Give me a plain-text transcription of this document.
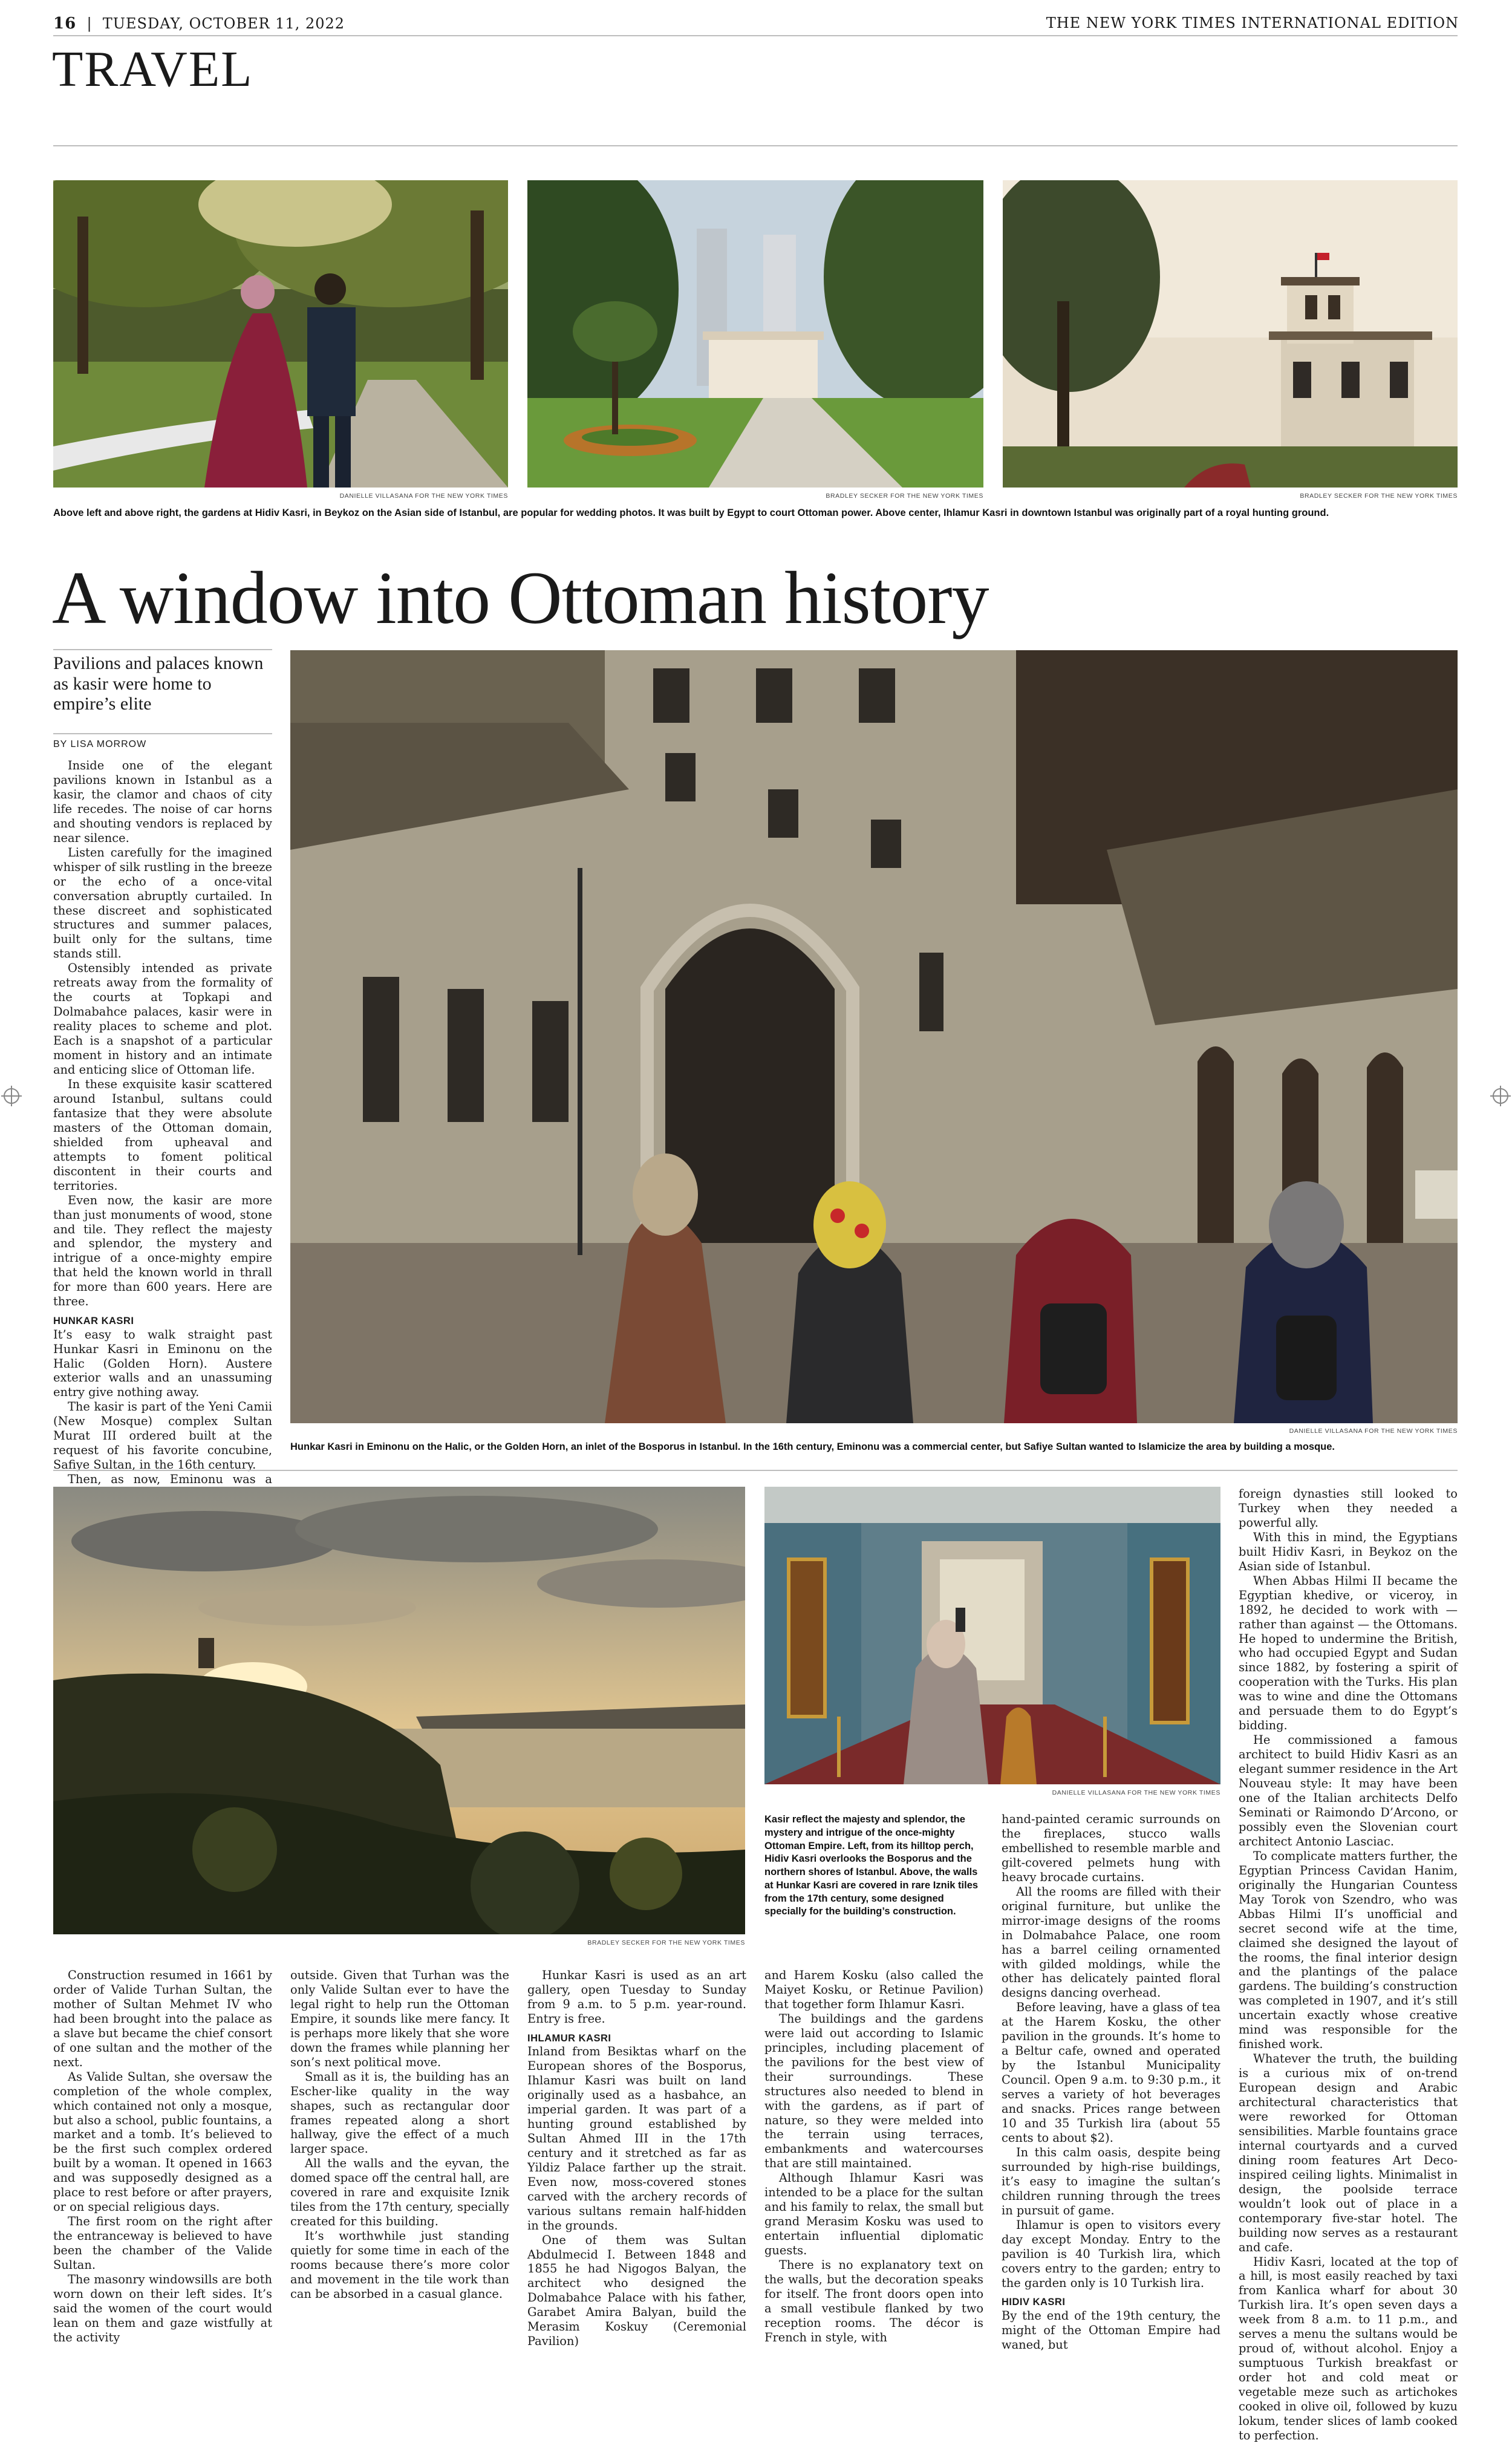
16  |  TUESDAY, OCTOBER 11, 2022	THE NEW YORK TIMES INTERNATIONAL EDITION
TRAVEL
DANIELLE VILLASANA FOR THE NEW YORK TIMES	BRADLEY SECKER FOR THE NEW YORK TIMES	BRADLEY SECKER FOR THE NEW YORK TIMES
Above left and above right, the gardens at Hidiv Kasri, in Beykoz on the Asian side of Istanbul, are popular for wedding photos. It was built by Egypt to court Ottoman power. Above center, Ihlamur Kasri in downtown Istanbul was originally part of a royal hunting ground.
A window into Ottoman history
Pavilions and palaces known as kasir were home to empire’s elite
BY LISA MORROW

Inside one of the elegant pavilions known in Istanbul as a kasir, the clamor and chaos of city life recedes. The noise of car horns and shouting vendors is replaced by near silence.

Listen carefully for the imagined whisper of silk rustling in the breeze or the echo of a once-vital conversation abruptly curtailed. In these discreet and sophisticated structures and summer palaces, built only for the sultans, time stands still.

Ostensibly intended as private retreats away from the formality of the courts at Topkapi and Dolmabahce palaces, kasir were in reality places to scheme and plot. Each is a snapshot of a particular moment in history and an intimate and enticing slice of Ottoman life.

In these exquisite kasir scattered around Istanbul, sultans could fantasize that they were absolute masters of the Ottoman domain, shielded from upheaval and attempts to foment political discontent in their courts and territories.

Even now, the kasir are more than just monuments of wood, stone and tile. They reflect the majesty and splendor, the mystery and intrigue of a once-mighty empire that held the known world in thrall for more than 600 years. Here are three.

HUNKAR KASRI

It’s easy to walk straight past Hunkar Kasri in Eminonu on the Halic (Golden Horn). Austere exterior walls and an unassuming entry give nothing away.

The kasir is part of the Yeni Camii (New Mosque) complex Sultan Murat III ordered built at the request of his favorite concubine, Safiye Sultan, in the 16th century.

Then, as now, Eminonu was a

DANIELLE VILLASANA FOR THE NEW YORK TIMES
Hunkar Kasri in Eminonu on the Halic, or the Golden Horn, an inlet of the Bosporus in Istanbul. In the 16th century, Eminonu was a commercial center, but Safiye Sultan wanted to Islamicize the area by building a mosque.
BRADLEY SECKER FOR THE NEW YORK TIMES
DANIELLE VILLASANA FOR THE NEW YORK TIMES
Kasir reflect the majesty and splendor, the mystery and intrigue of the once-mighty Ottoman Empire. Left, from its hilltop perch, Hidiv Kasri overlooks the Bosporus and the northern shores of Istanbul. Above, the walls at Hunkar Kasri are covered in rare Iznik tiles from the 17th century, some designed specially for the building’s construction.

Construction resumed in 1661 by order of Valide Turhan Sultan, the mother of Sultan Mehmet IV who had been brought into the palace as a slave but became the chief consort of one sultan and the mother of the next.

As Valide Sultan, she oversaw the completion of the whole complex, which contained not only a mosque, but also a school, public fountains, a market and a tomb. It’s believed to be the first such complex ordered built by a woman. It opened in 1663 and was supposedly designed as a place to rest before or after prayers, or on special religious days.

The first room on the right after the entranceway is believed to have been the chamber of the Valide Sultan.

The masonry windowsills are both worn down on their left sides. It’s said the women of the court would lean on them and gaze wistfully at the activity

outside. Given that Turhan was the only Valide Sultan ever to have the legal right to help run the Ottoman Empire, it sounds like mere fancy. It is perhaps more likely that she wore down the frames while planning her son’s next political move.

Small as it is, the building has an Escher-like quality in the way shapes, such as rectangular door frames repeated along a short hallway, give the effect of a much larger space.

All the walls and the eyvan, the domed space off the central hall, are covered in rare and exquisite Iznik tiles from the 17th century, specially created for this building.

It’s worthwhile just standing quietly for some time in each of the rooms because there’s more color and movement in the tile work than can be absorbed in a casual glance.

Hunkar Kasri is used as an art gallery, open Tuesday to Sunday from 9 a.m. to 5 p.m. year-round. Entry is free.

IHLAMUR KASRI

Inland from Besiktas wharf on the European shores of the Bosporus, Ihlamur Kasri was built on land originally used as a hasbahce, an imperial garden. It was part of a hunting ground established by Sultan Ahmed III in the 17th century and it stretched as far as Yildiz Palace farther up the strait. Even now, moss-covered stones carved with the archery records of various sultans remain half-hidden in the grounds.

One of them was Sultan Abdulmecid I. Between 1848 and 1855 he had Nigogos Balyan, the architect who designed the Dolmabahce Palace with his father, Garabet Amira Balyan, build the Merasim Koskuy (Ceremonial Pavilion)

and Harem Kosku (also called the Maiyet Kosku, or Retinue Pavilion) that together form Ihlamur Kasri.

The buildings and the gardens were laid out according to Islamic principles, including placement of the pavilions for the best view of their surroundings. These structures also needed to blend in with the gardens, as if part of nature, so they were melded into the terrain using terraces, embankments and watercourses that are still maintained.

Although Ihlamur Kasri was intended to be a place for the sultan and his family to relax, the small but grand Merasim Kosku was used to entertain influential diplomatic guests.

There is no explanatory text on the walls, but the decoration speaks for itself. The front doors open into a small vestibule flanked by two reception rooms. The décor is French in style, with

hand-painted ceramic surrounds on the fireplaces, stucco walls embellished to resemble marble and gilt-covered pelmets hung with heavy brocade curtains.

All the rooms are filled with their original furniture, but unlike the mirror-image designs of the rooms in Dolmabahce Palace, one room has a barrel ceiling ornamented with gilded moldings, while the other has delicately painted floral designs dancing overhead.

Before leaving, have a glass of tea at the Harem Kosku, the other pavilion in the grounds. It’s home to a Beltur cafe, owned and operated by the Istanbul Municipality Council. Open 9 a.m. to 9:30 p.m., it serves a variety of hot beverages and snacks. Prices range between 10 and 35 Turkish lira (about 55 cents to about $2).

In this calm oasis, despite being surrounded by high-rise buildings, it’s easy to imagine the sultan’s children running through the trees in pursuit of game.

Ihlamur is open to visitors every day except Monday. Entry to the pavilion is 40 Turkish lira, which covers entry to the garden; entry to the garden only is 10 Turkish lira.

HIDIV KASRI

By the end of the 19th century, the might of the Ottoman Empire had waned, but

foreign dynasties still looked to Turkey when they needed a powerful ally.

With this in mind, the Egyptians built Hidiv Kasri, in Beykoz on the Asian side of Istanbul.

When Abbas Hilmi II became the Egyptian khedive, or viceroy, in 1892, he decided to work with — rather than against — the Ottomans. He hoped to undermine the British, who had occupied Egypt and Sudan since 1882, by fostering a spirit of cooperation with the Turks. His plan was to wine and dine the Ottomans and persuade them to do Egypt’s bidding.

He commissioned a famous architect to build Hidiv Kasri as an elegant summer residence in the Art Nouveau style: It may have been one of the Italian architects Delfo Seminati or Raimondo D’Arcono, or possibly even the Slovenian court architect Antonio Lasciac.

To complicate matters further, the Egyptian Princess Cavidan Hanim, originally the Hungarian Countess May Torok von Szendro, who was Abbas Hilmi II’s unofficial and secret second wife at the time, claimed she designed the layout of the rooms, the final interior design and the plantings of the palace gardens. The building’s construction was completed in 1907, and it’s still uncertain exactly whose creative mind was responsible for the finished work.

Whatever the truth, the building is a curious mix of on-trend European design and Arabic architectural characteristics that were reworked for Ottoman sensibilities. Marble fountains grace internal courtyards and a curved dining room features Art Deco-inspired ceiling lights. Minimalist in design, the poolside terrace wouldn’t look out of place in a contemporary five-star hotel. The building now serves as a restaurant and cafe.

Hidiv Kasri, located at the top of a hill, is most easily reached by taxi from Kanlica wharf for about 30 Turkish lira. It’s open seven days a week from 8 a.m. to 11 p.m., and serves a menu the sultans would be proud of, without alcohol. Enjoy a sumptuous Turkish breakfast or order hot and cold meat or vegetable meze such as artichokes cooked in olive oil, followed by kuzu lokum, tender slices of lamb cooked to perfection.
